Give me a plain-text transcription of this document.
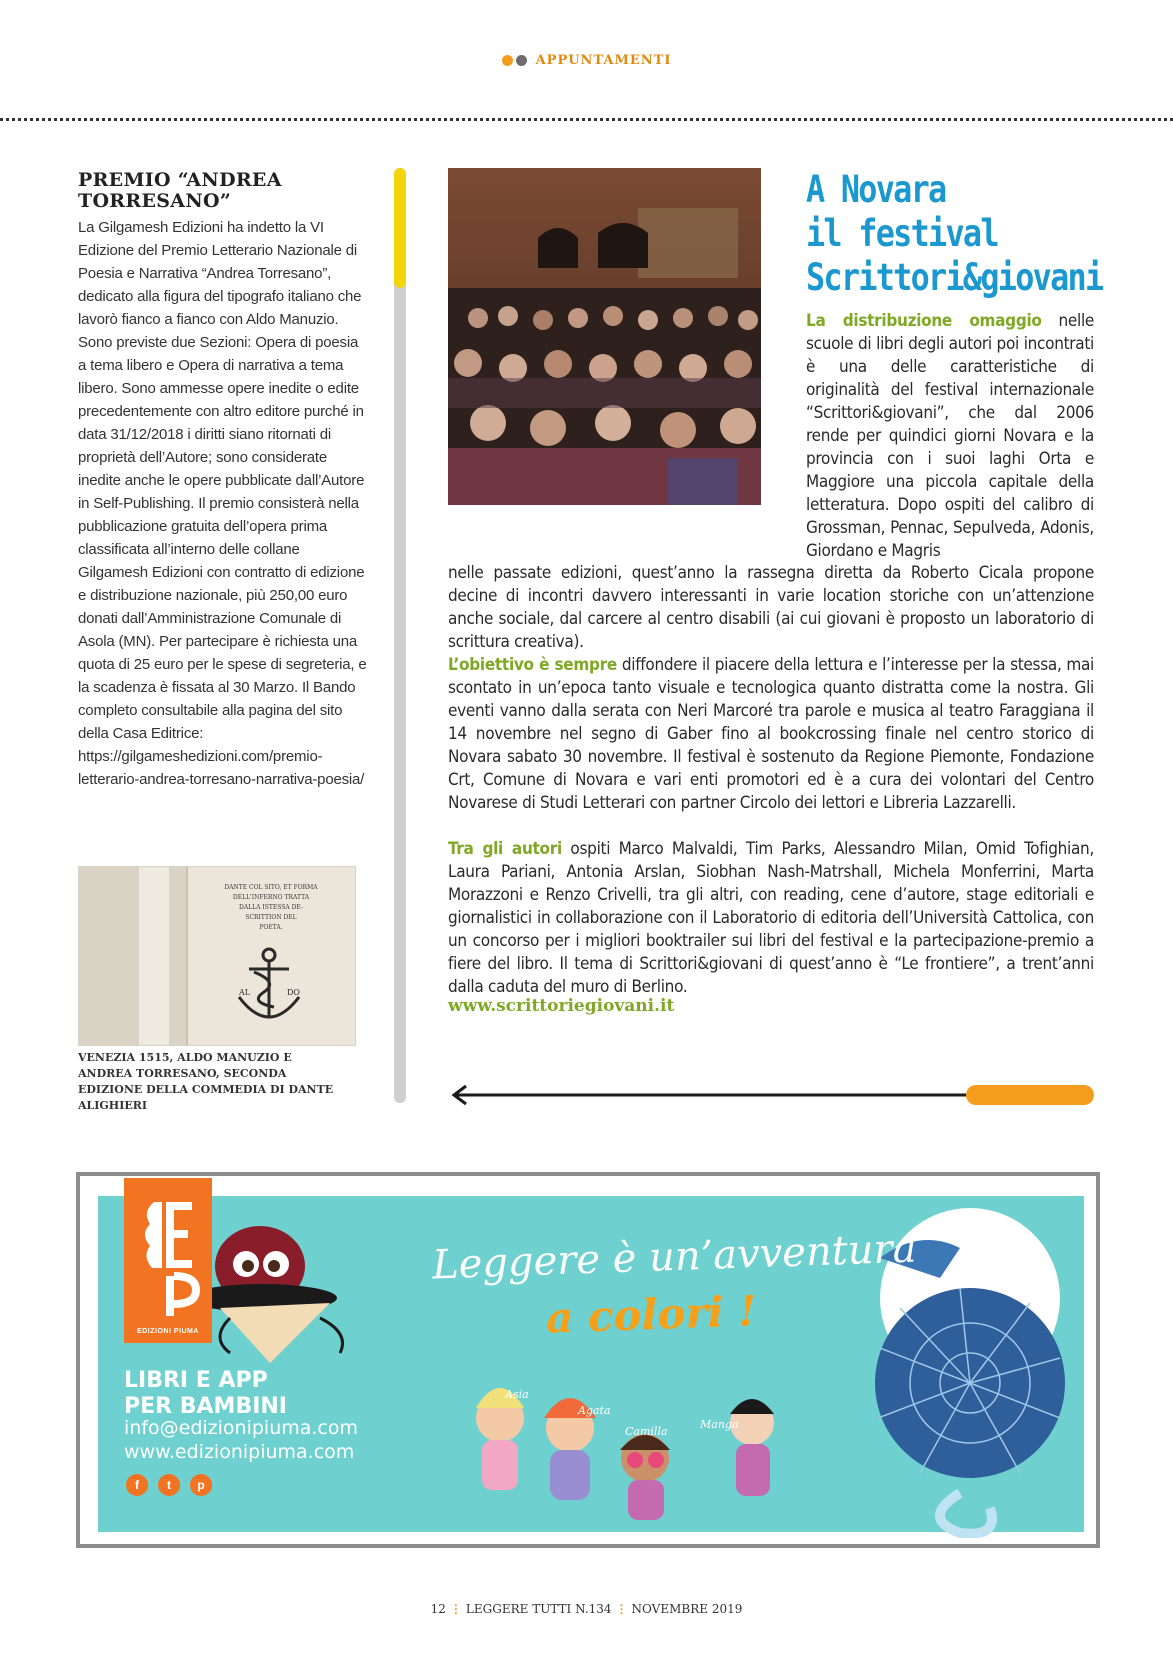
APPUNTAMENTI
PREMIO “ANDREA TORRESANO”

La Gilgamesh Edizioni ha indetto la VI Edizione del Premio Letterario Nazionale di Poesia e Narrativa “Andrea Torresano”, dedicato alla figura del tipografo italiano che lavorò fianco a fianco con Aldo Manuzio. Sono previste due Sezioni: Opera di poesia a tema libero e Opera di narrativa a tema libero. Sono ammesse opere inedite o edite precedentemente con altro editore purché in data 31/12/2018 i diritti siano ritornati di proprietà dell’Autore; sono considerate inedite anche le opere pubblicate dall’Autore in Self-Publishing. Il premio consisterà nella pubblicazione gratuita dell’opera prima classificata all’interno delle collane Gilgamesh Edizioni con contratto di edizione e distribuzione nazionale, più 250,00 euro donati dall’Amministrazione Comunale di Asola (MN). Per partecipare è richiesta una quota di 25 euro per le spese di segreteria, e la scadenza è fissata al 30 Marzo. Il Bando completo consultabile alla pagina del sito della Casa Editrice: https://gilgameshedizioni.com/premio-letterario-andrea-torresano-narrativa-poesia/

DANTE COL SITO, ET FORMA
DELL'INFERNO TRATTA
DALLA ISTESSA DE-
SCRITTION DEL
POETA.
AL	DO

VENEZIA 1515, ALDO MANUZIO E ANDREA TORRESANO, SECONDA EDIZIONE DELLA COMMEDIA DI DANTE ALIGHIERI

A Novara
il festival
Scrittori&giovani

La distribuzione omaggio nelle scuole di libri degli autori poi incontrati è una delle caratteristiche di originalità del festival internazionale “Scrittori&giovani”, che dal 2006 rende per quindici giorni Novara e la provincia con i suoi laghi Orta e Maggiore una piccola capitale della letteratura. Dopo ospiti del calibro di Grossman, Pennac, Sepulveda, Adonis, Giordano e Magris

nelle passate edizioni, quest’anno la rassegna diretta da Roberto Cicala propone decine di incontri davvero interessanti in varie location storiche con un’attenzione anche sociale, dal carcere al centro disabili (ai cui giovani è proposto un laboratorio di scrittura creativa).

L’obiettivo è sempre diffondere il piacere della lettura e l’interesse per la stessa, mai scontato in un’epoca tanto visuale e tecnologica quanto distratta come la nostra. Gli eventi vanno dalla serata con Neri Marcoré tra parole e musica al teatro Faraggiana il 14 novembre nel segno di Gaber fino al bookcrossing finale nel centro storico di Novara sabato 30 novembre. Il festival è sostenuto da Regione Piemonte, Fondazione Crt, Comune di Novara e vari enti promotori ed è a cura dei volontari del Centro Novarese di Studi Letterari con partner Circolo dei lettori e Libreria Lazzarelli.

Tra gli autori ospiti Marco Malvaldi, Tim Parks, Alessandro Milan, Omid Tofighian, Laura Pariani, Antonia Arslan, Siobhan Nash-Matrshall, Michela Monferrini, Marta Morazzoni e Renzo Crivelli, tra gli altri, con reading, cene d’autore, stage editoriali e giornalistici in collaborazione con il Laboratorio di editoria dell’Università Cattolica, con un concorso per i migliori booktrailer sui libri del festival e la partecipazione-premio a fiere del libro. Il tema di Scrittori&giovani di quest’anno è “Le frontiere”, a trent’anni dalla caduta del muro di Berlino.

www.scrittoriegiovani.it

Asia
Agata
Camilla
Manga
EDIZIONI PIUMA

LIBRI E APP
PER BAMBINI

info@edizionipiuma.com
www.edizionipiuma.com

f t p

Leggere è un’avventura

a colori !

12 ⋮ LEGGERE TUTTI N.134 ⋮ NOVEMBRE 2019
